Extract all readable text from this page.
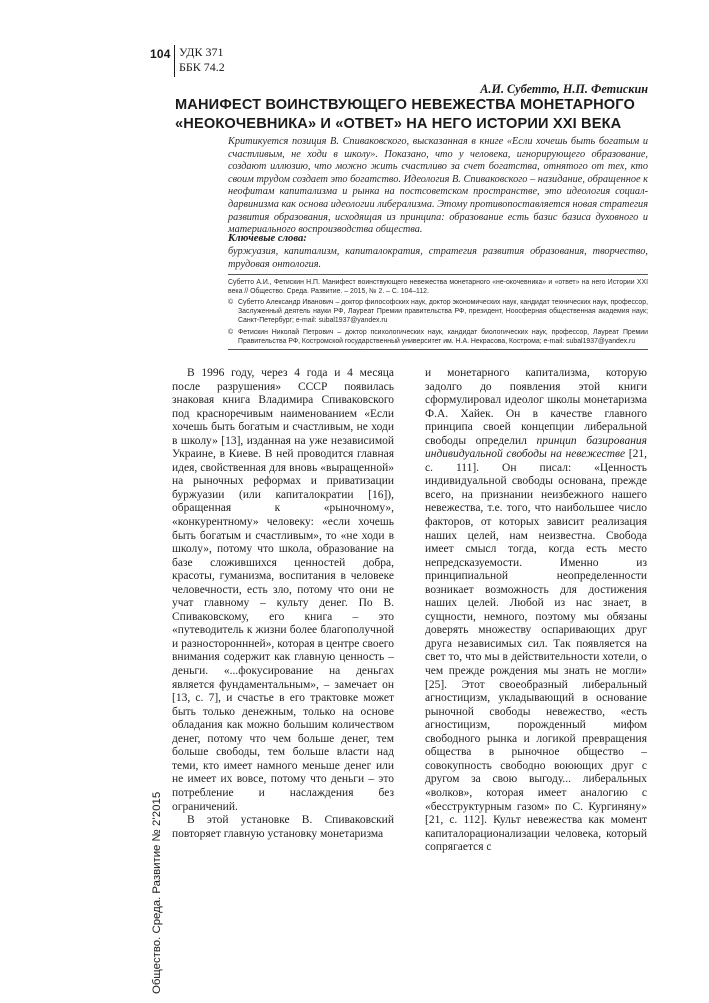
104 УДК 371
ББК 74.2
А.И. Субетто, Н.П. Фетискин
МАНИФЕСТ ВОИНСТВУЮЩЕГО НЕВЕЖЕСТВА МОНЕТАРНОГО «НЕОКОЧЕВНИКА» И «ОТВЕТ» НА НЕГО ИСТОРИИ XXI ВЕКА

Критикуется позиция В. Спиваковского, высказанная в книге «Если хочешь быть богатым и счастливым, не ходи в школу». Показано, что у человека, игнорирующего образование, создают иллюзию, что можно жить счастливо за счет богатства, отнятого от тех, кто своим трудом создает это богатство. Идеология В. Спиваковского – назидание, обращенное к неофитам капитализма и рынка на постсоветском пространстве, это идеология социал-дарвинизма как основа идеологии либерализма. Этому противопоставляется новая стратегия развития образования, исходящая из принципа: образование есть базис базиса духовного и материального воспроизводства общества.

Ключевые слова:

буржуазия, капитализм, капиталократия, стратегия развития образования, творчество, трудовая онтология.

Субетто А.И., Фетискин Н.П. Манифест воинствующего невежества монетарного «не-окочевника» и «ответ» на него Истории XXI века // Общество. Среда. Развитие. – 2015, № 2. – С. 104–112.

© Субетто Александр Иванович – доктор философских наук, доктор экономических наук, кандидат технических наук, профессор, Заслуженный деятель науки РФ, Лауреат Премии правительства РФ, президент, Ноосферная общественная академия наук; Санкт-Петербург; e-mail: subal1937@yandex.ru
© Фетискин Николай Петрович – доктор психологических наук, кандидат биологических наук, профессор, Лауреат Премии Правительства РФ, Костромской государственный университет им. Н.А. Некрасова, Кострома; e-mail: subal1937@yandex.ru
Общество. Среда. Развитие № 2’2015

В 1996 году, через 4 года и 4 месяца после разрушения» СССР появилась знаковая книга Владимира Спиваковского под красноречивым наименованием «Если хочешь быть богатым и счастливым, не ходи в школу» [13], изданная на уже независимой Украине, в Киеве. В ней проводится главная идея, свойственная для вновь «выращенной» на рыночных реформах и приватизации буржуазии (или капиталократии [16]), обращенная к «рыночному», «конкурентному» человеку: «если хочешь быть богатым и счастливым», то «не ходи в школу», потому что школа, образование на базе сложившихся ценностей добра, красоты, гуманизма, воспитания в человеке человечности, есть зло, потому что они не учат главному – культу денег. По В. Спиваковскому, его книга – это «путеводитель к жизни более благополучной и разностороннней», которая в центре своего внимания содержит как главную ценность – деньги. «...фокусирование на деньгах является фундаментальным», – замечает он [13, с. 7], и счастье в его трактовке может быть только денежным, только на основе обладания как можно большим количеством денег, потому что чем больше денег, тем больше свободы, тем больше власти над теми, кто имеет намного меньше денег или не имеет их вовсе, потому что деньги – это потребление и наслаждения без ограничений.

В этой установке В. Спиваковский повторяет главную установку монетаризма

и монетарного капитализма, которую задолго до появления этой книги сформулировал идеолог школы монетаризма Ф.А. Хайек. Он в качестве главного принципа своей концепции либеральной свободы определил принцип базирования индивидуальной свободы на невежестве [21, с. 111]. Он писал: «Ценность индивидуальной свободы основана, прежде всего, на признании неизбежного нашего невежества, т.е. того, что наибольшее число факторов, от которых зависит реализация наших целей, нам неизвестна. Свобода имеет смысл тогда, когда есть место непредсказуемости. Именно из принципиальной неопределенности возникает возможность для достижения наших целей. Любой из нас знает, в сущности, немного, поэтому мы обязаны доверять множеству оспаривающих друг друга независимых сил. Так появляется на свет то, что мы в действительности хотели, о чем прежде рождения мы знать не могли» [25]. Этот своеобразный либеральный агностицизм, укладывающий в основание рыночной свободы невежество, «есть агностицизм, порожденный мифом свободного рынка и логикой превращения общества в рыночное общество – совокупность свободно воюющих друг с другом за свою выгоду... либеральных «волков», которая имеет аналогию с «бесструктурным газом» по С. Кургиняну» [21, с. 112]. Культ невежества как момент капиталорационализации человека, который сопрягается с
